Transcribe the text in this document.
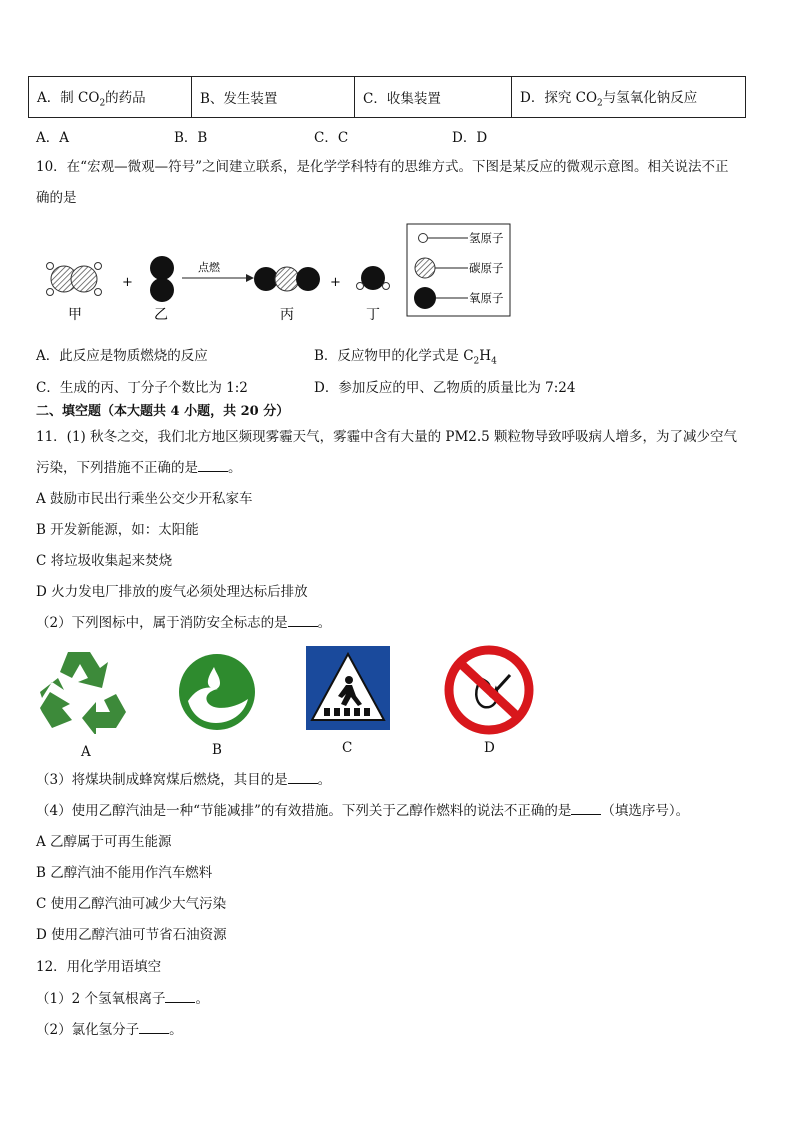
A．制 $CO_2$的药品	B、发生装置	C．收集装置	D．探究 $CO_2$与氢氧化钠反应
A．A	B．B	C．C	D．D
10．在“宏观—微观—符号”之间建立联系，是化学学科特有的思维方式。下图是某反应的微观示意图。相关说法不正
确的是
甲
+
乙
点燃
丙
+
丁
氢原子
碳原子
氧原子
A．此反应是物质燃烧的反应	B．反应物甲的化学式是 $C_2H_4$
C．生成的丙、丁分子个数比为 1:2	D．参加反应的甲、乙物质的质量比为 7:24
二、填空题（本大题共 4 小题，共 20 分）
11．(1) 秋冬之交，我们北方地区频现雾霾天气，雾霾中含有大量的 PM2.5 颗粒物导致呼吸病人增多，为了减少空气
污染，下列措施不正确的是 。
A 鼓励市民出行乘坐公交少开私家车
B 开发新能源，如：太阳能
C 将垃圾收集起来焚烧
D 火力发电厂排放的废气必须处理达标后排放
（2）下列图标中，属于消防安全标志的是 。
A	B	C	D
（3）将煤块制成蜂窝煤后燃烧，其目的是 。
（4）使用乙醇汽油是一种“节能减排”的有效措施。下列关于乙醇作燃料的说法不正确的是 （填选序号）。
A 乙醇属于可再生能源
B 乙醇汽油不能用作汽车燃料
C 使用乙醇汽油可减少大气污染
D 使用乙醇汽油可节省石油资源
12．用化学用语填空
（1）2 个氢氧根离子 。
（2）氯化氢分子 。
